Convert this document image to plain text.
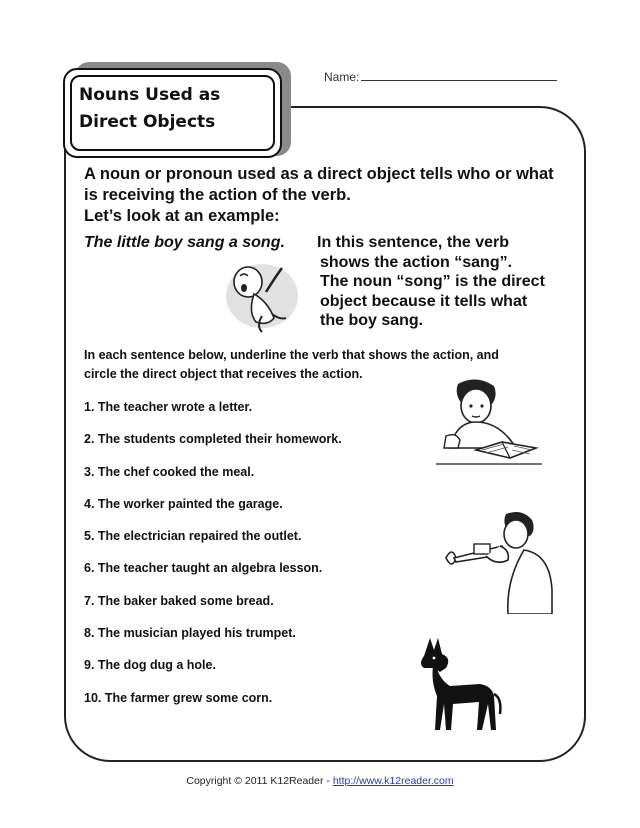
Nouns Used as
Direct Objects
Name:
A noun or pronoun used as a direct object tells who or what
is receiving the action of the verb.
Let’s look at an example:
The little boy sang a song. In this sentence, the verb
shows the action “sang”.
The noun “song” is the direct
object because it tells what
the boy sang.
In each sentence below, underline the verb that shows the action, and
circle the direct object that receives the action.
1. The teacher wrote a letter.
2. The students completed their homework.
3. The chef cooked the meal.
4. The worker painted the garage.
5. The electrician repaired the outlet.
6. The teacher taught an algebra lesson.
7. The baker baked some bread.
8. The musician played his trumpet.
9. The dog dug a hole.
10. The farmer grew some corn.
Copyright © 2011 K12Reader - http://www.k12reader.com
